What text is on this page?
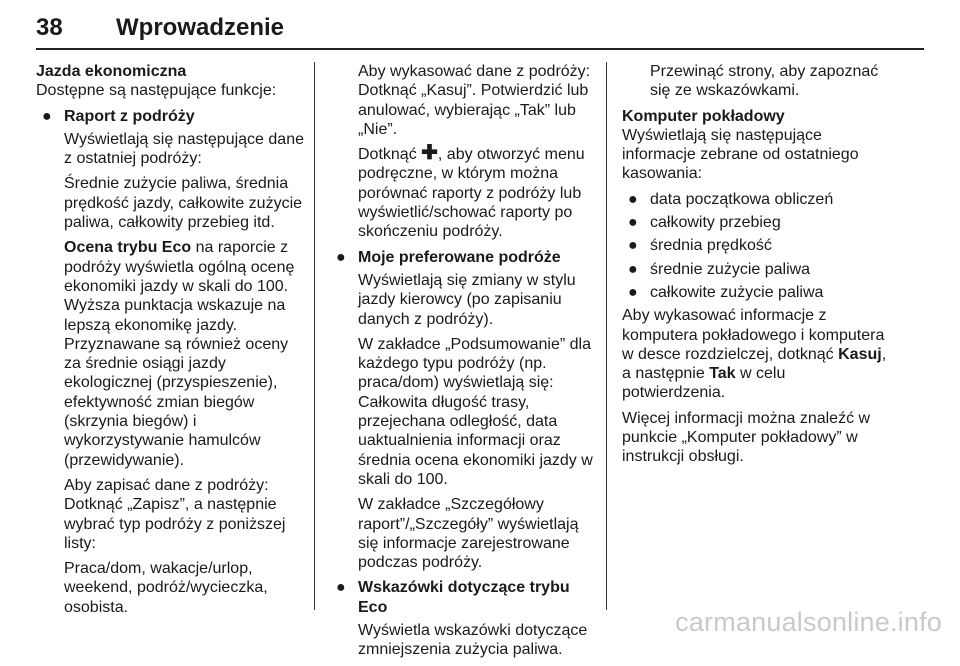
38 Wprowadzenie

Jazda ekonomiczna

Dostępne są następujące funkcje:

● Raport z podróży

Wyświetlają się następujące dane z ostatniej podróży:

Średnie zużycie paliwa, średnia prędkość jazdy, całkowite zużycie paliwa, całkowity przebieg itd.

Ocena trybu Eco na raporcie z podróży wyświetla ogólną ocenę ekonomiki jazdy w skali do 100. Wyższa punktacja wskazuje na lepszą ekonomikę jazdy. Przyznawane są również oceny za średnie osiągi jazdy ekologicznej (przyspieszenie), efektywność zmian biegów (skrzynia biegów) i wykorzystywanie hamulców (przewidywanie).

Aby zapisać dane z podróży: Dotknąć „Zapisz”, a następnie wybrać typ podróży z poniższej listy:

Praca/dom, wakacje/urlop, weekend, podróż/wycieczka, osobista.

Aby wykasować dane z podróży: Dotknąć „Kasuj”. Potwierdzić lub anulować, wybierając „Tak” lub „Nie”.

Dotknąć ✚, aby otworzyć menu podręczne, w którym można porównać raporty z podróży lub wyświetlić/schować raporty po skończeniu podróży.

● Moje preferowane podróże

Wyświetlają się zmiany w stylu jazdy kierowcy (po zapisaniu danych z podróży).

W zakładce „Podsumowanie” dla każdego typu podróży (np. praca/dom) wyświetlają się: Całkowita długość trasy, przejechana odległość, data uaktualnienia informacji oraz średnia ocena ekonomiki jazdy w skali do 100.

W zakładce „Szczegółowy raport”/„Szczegóły” wyświetlają się informacje zarejestrowane podczas podróży.

● Wskazówki dotyczące trybu Eco

Wyświetla wskazówki dotyczące zmniejszenia zużycia paliwa.

Przewinąć strony, aby zapoznać się ze wskazówkami.

Komputer pokładowy

Wyświetlają się następujące informacje zebrane od ostatniego kasowania:

● data początkowa obliczeń
● całkowity przebieg
● średnia prędkość
● średnie zużycie paliwa
● całkowite zużycie paliwa

Aby wykasować informacje z komputera pokładowego i komputera w desce rozdzielczej, dotknąć Kasuj, a następnie Tak w celu potwierdzenia.

Więcej informacji można znaleźć w punkcie „Komputer pokładowy” w instrukcji obsługi.

carmanualsonline.info
